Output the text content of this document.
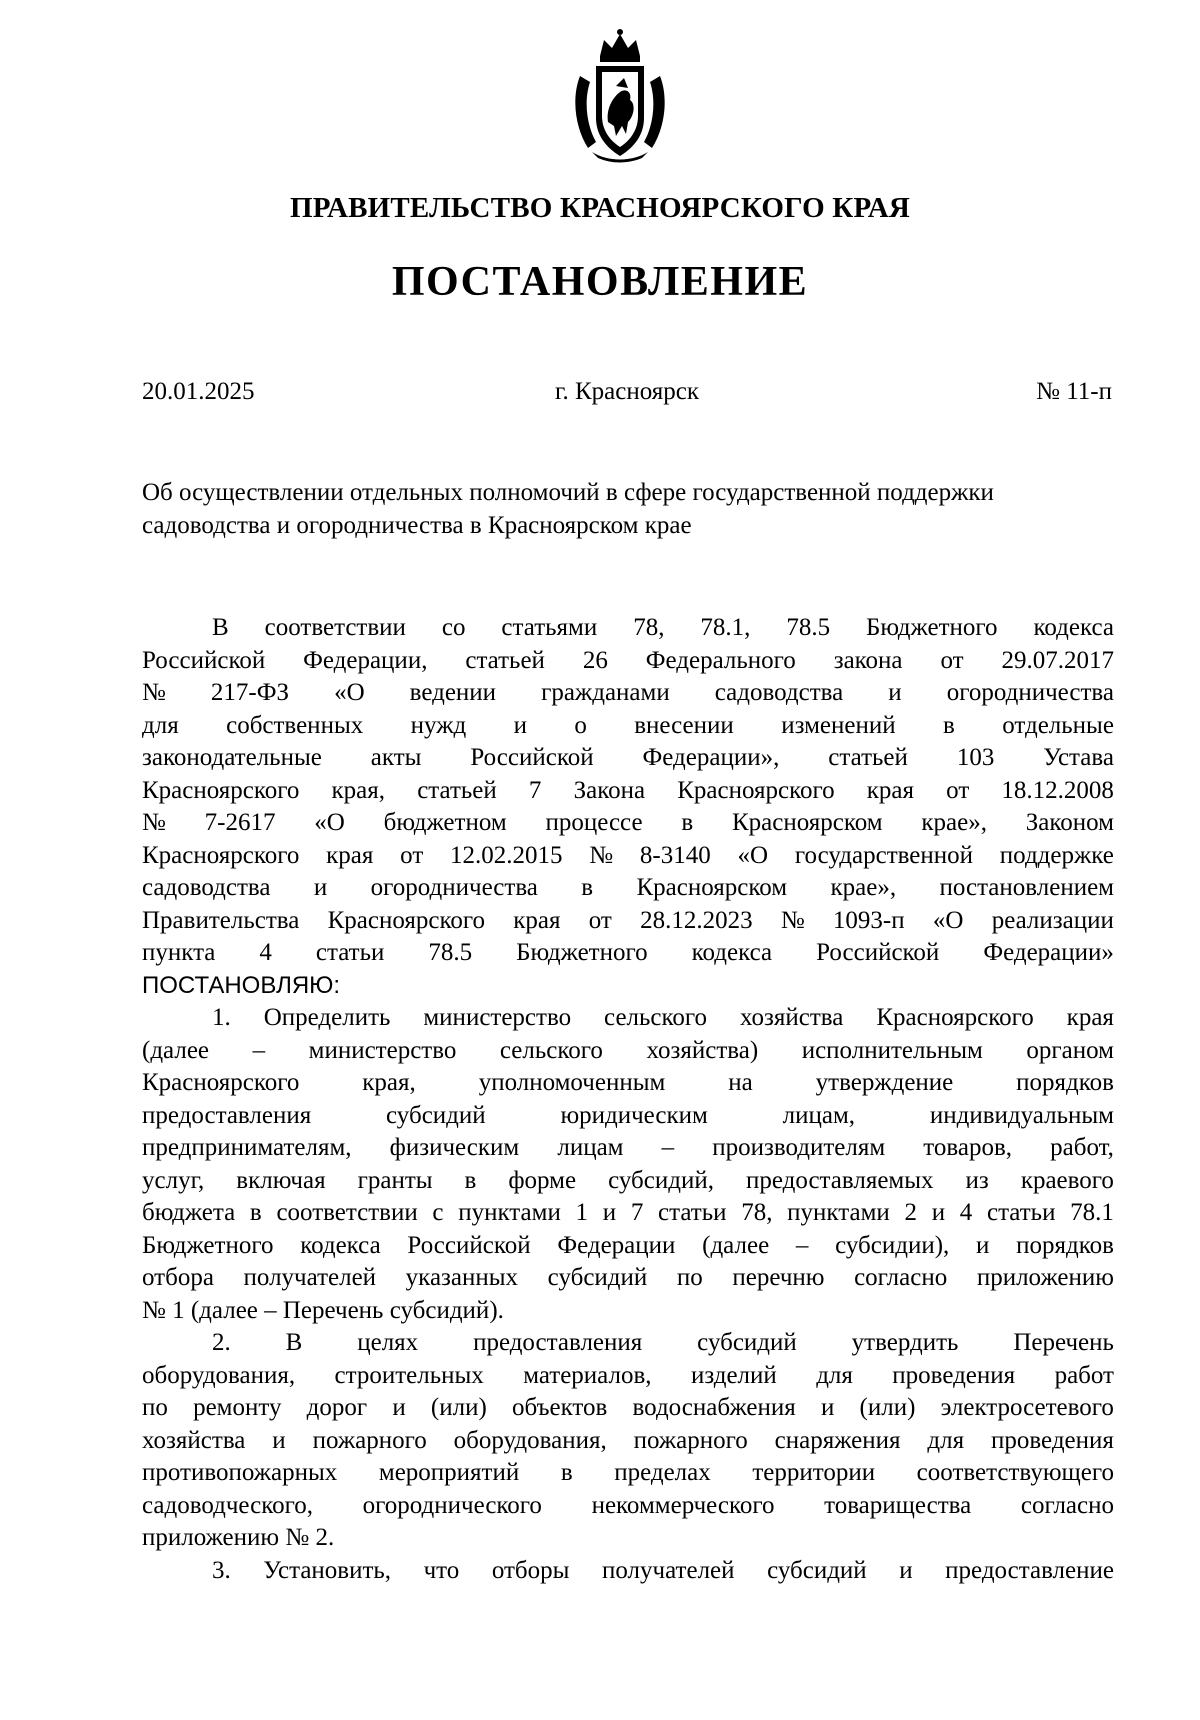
ПРАВИТЕЛЬСТВО КРАСНОЯРСКОГО КРАЯ
ПОСТАНОВЛЕНИЕ
г. Красноярск
20.01.2025	№ 11-п
Об осуществлении отдельных полномочий в сфере государственной поддержки
садоводства и огородничества в Красноярском крае
В соответствии со статьями 78, 78.1, 78.5 Бюджетного кодекса
Российской Федерации, статьей 26 Федерального закона от 29.07.2017
№ 217-ФЗ «О ведении гражданами садоводства и огородничества
для собственных нужд и о внесении изменений в отдельные
законодательные акты Российской Федерации», статьей 103 Устава
Красноярского края, статьей 7 Закона Красноярского края от 18.12.2008
№ 7-2617 «О бюджетном процессе в Красноярском крае», Законом
Красноярского края от 12.02.2015 № 8-3140 «О государственной поддержке
садоводства и огородничества в Красноярском крае», постановлением
Правительства Красноярского края от 28.12.2023 № 1093-п «О реализации
пункта 4 статьи 78.5 Бюджетного кодекса Российской Федерации»
ПОСТАНОВЛЯЮ:
1. Определить министерство сельского хозяйства Красноярского края
(далее – министерство сельского хозяйства) исполнительным органом
Красноярского	края,	уполномоченным	на	утверждение	порядков
предоставления	субсидий	юридическим	лицам,	индивидуальным
предпринимателям, физическим лицам – производителям товаров, работ,
услуг, включая гранты в форме субсидий, предоставляемых из краевого
бюджета в соответствии с пунктами 1 и 7 статьи 78, пунктами 2 и 4 статьи 78.1
Бюджетного кодекса Российской Федерации (далее – субсидии), и порядков
отбора получателей указанных субсидий по перечню согласно приложению
№ 1 (далее – Перечень субсидий).
2. В целях предоставления субсидий утвердить Перечень
оборудования, строительных материалов, изделий для проведения работ
по ремонту дорог и (или) объектов водоснабжения и (или) электросетевого
хозяйства и пожарного оборудования, пожарного снаряжения для проведения
противопожарных мероприятий в пределах территории соответствующего
садоводческого, огороднического некоммерческого товарищества согласно
приложению № 2.
3. Установить, что отборы получателей субсидий и предоставление
